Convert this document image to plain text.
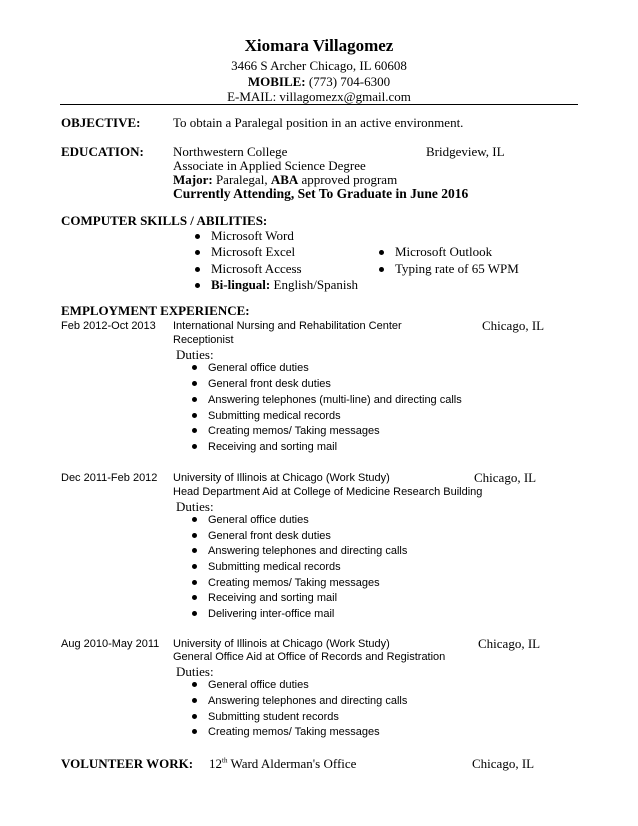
Xiomara Villagomez
3466 S Archer Chicago, IL 60608
MOBILE: (773) 704-6300
E-MAIL: villagomezx@gmail.com
OBJECTIVE:	To obtain a Paralegal position in an active environment.
EDUCATION: Northwestern College	Bridgeview, IL
Associate in Applied Science Degree
Major: Paralegal, ABA approved program
Currently Attending, Set To Graduate in June 2016
COMPUTER SKILLS / ABILITIES:
Microsoft Word
Microsoft Excel
Microsoft Access
Bi-lingual: English/Spanish
Microsoft Outlook
Typing rate of 65 WPM
EMPLOYMENT EXPERIENCE:
Feb 2012-Oct 2013 International Nursing and Rehabilitation Center	Chicago, IL
Receptionist
Duties:
General office duties
General front desk duties
Answering telephones (multi-line) and directing calls
Submitting medical records
Creating memos/ Taking messages
Receiving and sorting mail
Dec 2011-Feb 2012 University of Illinois at Chicago (Work Study)	Chicago, IL
Head Department Aid at College of Medicine Research Building
Duties:
General office duties
General front desk duties
Answering telephones and directing calls
Submitting medical records
Creating memos/ Taking messages
Receiving and sorting mail
Delivering inter-office mail
Aug 2010-May 2011 University of Illinois at Chicago (Work Study)	Chicago, IL
General Office Aid at Office of Records and Registration
Duties:
General office duties
Answering telephones and directing calls
Submitting student records
Creating memos/ Taking messages
VOLUNTEER WORK: 12th Ward Alderman's Office	Chicago, IL
